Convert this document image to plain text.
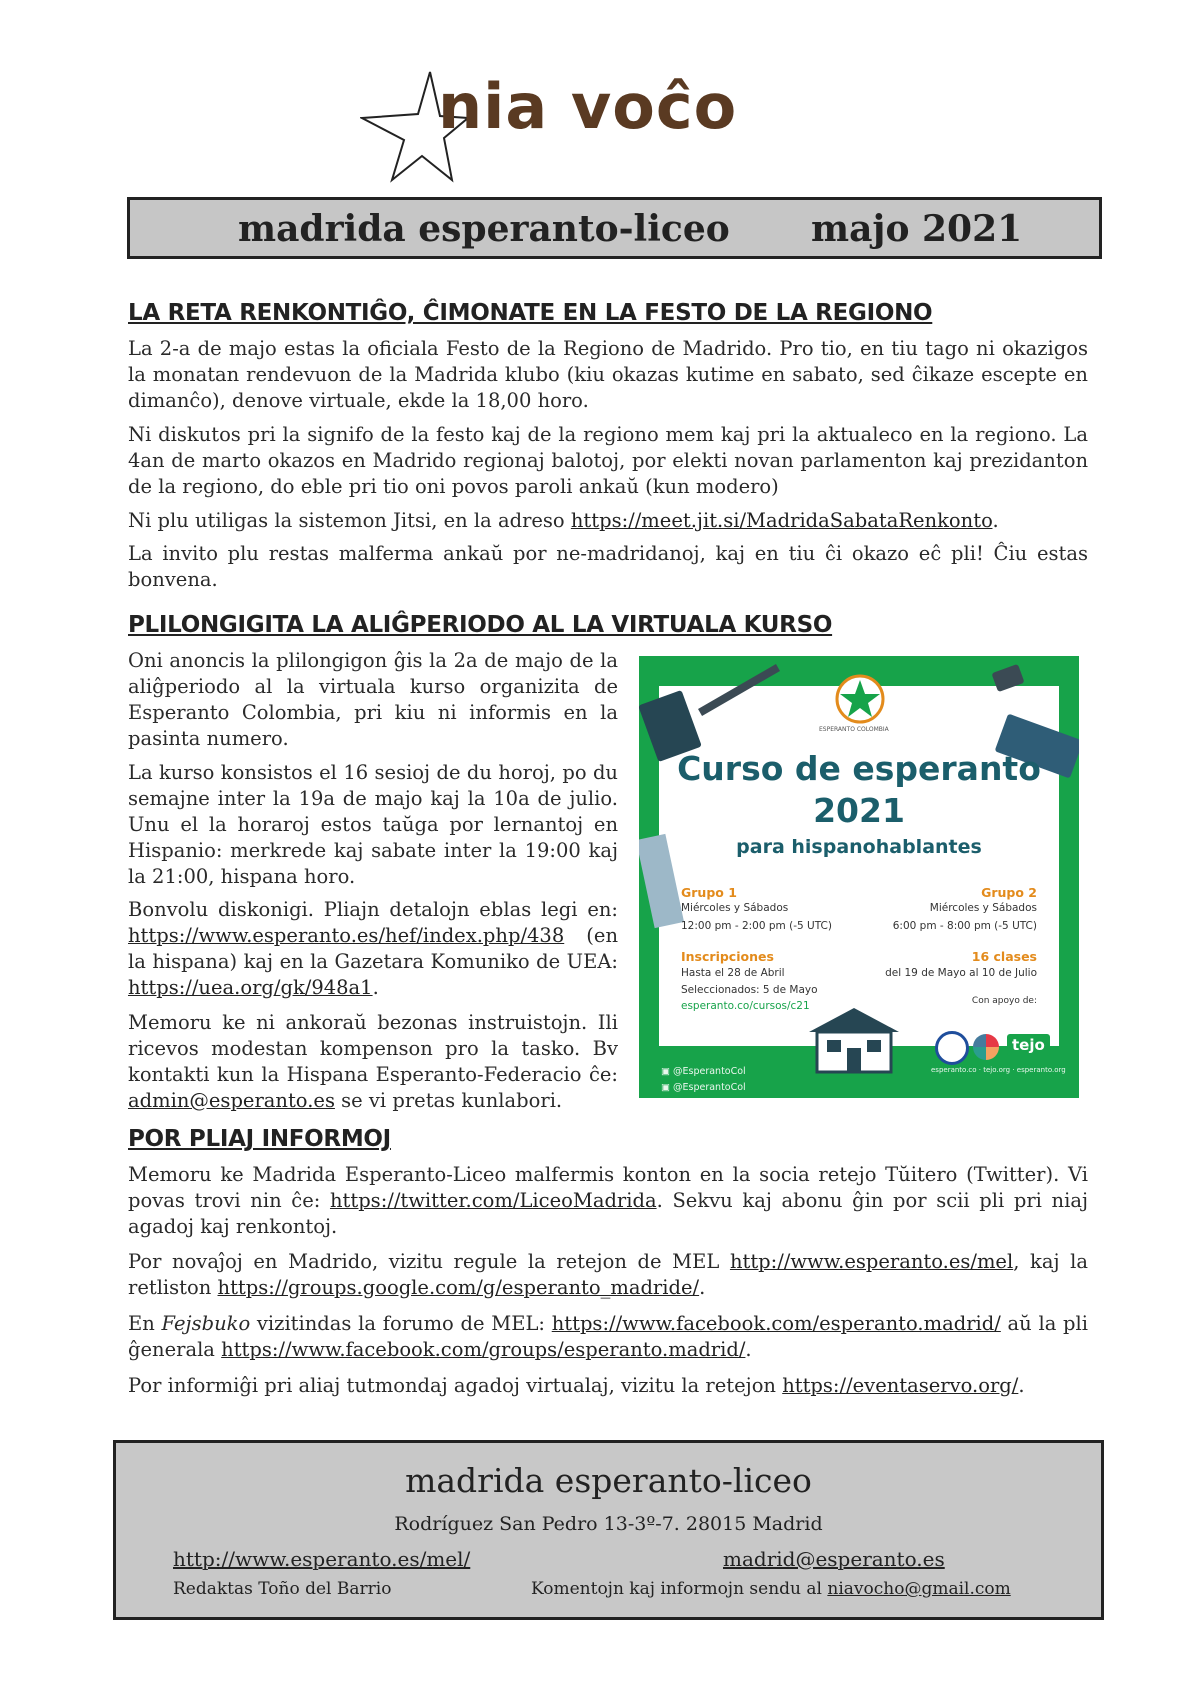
nia voĉo
madrida esperanto-liceo majo 2021
LA RETA RENKONTIĜO, ĈIMONATE EN LA FESTO DE LA REGIONO

La 2-a de majo estas la oficiala Festo de la Regiono de Madrido. Pro tio, en tiu tago ni okazigos la monatan rendevuon de la Madrida klubo (kiu okazas kutime en sabato, sed ĉikaze escepte en dimanĉo), denove virtuale, ekde la 18,00 horo.

Ni diskutos pri la signifo de la festo kaj de la regiono mem kaj pri la aktualeco en la regiono. La 4an de marto okazos en Madrido regionaj balotoj, por elekti novan parlamenton kaj prezidanton de la regiono, do eble pri tio oni povos paroli ankaŭ (kun modero)

Ni plu utiligas la sistemon Jitsi, en la adreso https://meet.jit.si/MadridaSabataRenkonto.

La invito plu restas malferma ankaŭ por ne-madridanoj, kaj en tiu ĉi okazo eĉ pli! Ĉiu estas bonvena.

PLILONGIGITA LA ALIĜPERIODO AL LA VIRTUALA KURSO

Oni anoncis la plilongigon ĝis la 2a de majo de la aliĝperiodo al la virtuala kurso organizita de Esperanto Colombia, pri kiu ni informis en la pasinta numero.

La kurso konsistos el 16 sesioj de du horoj, po du semajne inter la 19a de majo kaj la 10a de julio. Unu el la horaroj estos taŭga por lernantoj en Hispanio: merkrede kaj sabate inter la 19:00 kaj la 21:00, hispana horo.

Bonvolu diskonigi. Pliajn detalojn eblas legi en: https://www.esperanto.es/hef/index.php/438 (en la hispana) kaj en la Gazetara Komuniko de UEA: https://uea.org/gk/948a1.

Memoru ke ni ankoraŭ bezonas instruistojn. Ili ricevos modestan kompenson pro la tasko. Bv kontakti kun la Hispana Esperanto-Federacio ĉe: admin@esperanto.es se vi pretas kunlabori.

ESPERANTO COLOMBIA
Curso de esperanto
2021
para hispanohablantes
Grupo 1
Miércoles y Sábados
12:00 pm - 2:00 pm (-5 UTC)
Grupo 2
Miércoles y Sábados
6:00 pm - 8:00 pm (-5 UTC)
Inscripciones
Hasta el 28 de Abril
Seleccionados: 5 de Mayo
esperanto.co/cursos/c21
16 clases
del 19 de Mayo al 10 de Julio
Con apoyo de:
tejo
▣ @EsperantoCol
▣ @EsperantoCol
esperanto.co · tejo.org · esperanto.org
POR PLIAJ INFORMOJ

Memoru ke Madrida Esperanto-Liceo malfermis konton en la socia retejo Tŭitero (Twitter). Vi povas trovi nin ĉe: https://twitter.com/LiceoMadrida. Sekvu kaj abonu ĝin por scii pli pri niaj agadoj kaj renkontoj.

Por novaĵoj en Madrido, vizitu regule la retejon de MEL http://www.esperanto.es/mel, kaj la retliston https://groups.google.com/g/esperanto_madride/.

En Fejsbuko vizitindas la forumo de MEL: https://www.facebook.com/esperanto.madrid/ aŭ la pli ĝenerala https://www.facebook.com/groups/esperanto.madrid/.

Por informiĝi pri aliaj tutmondaj agadoj virtualaj, vizitu la retejon https://eventaservo.org/.

madrida esperanto-liceo
Rodríguez San Pedro 13-3º-7. 28015 Madrid
http://www.esperanto.es/mel/	madrid@esperanto.es
Redaktas Toño del Barrio	Komentojn kaj informojn sendu al niavocho@gmail.com
